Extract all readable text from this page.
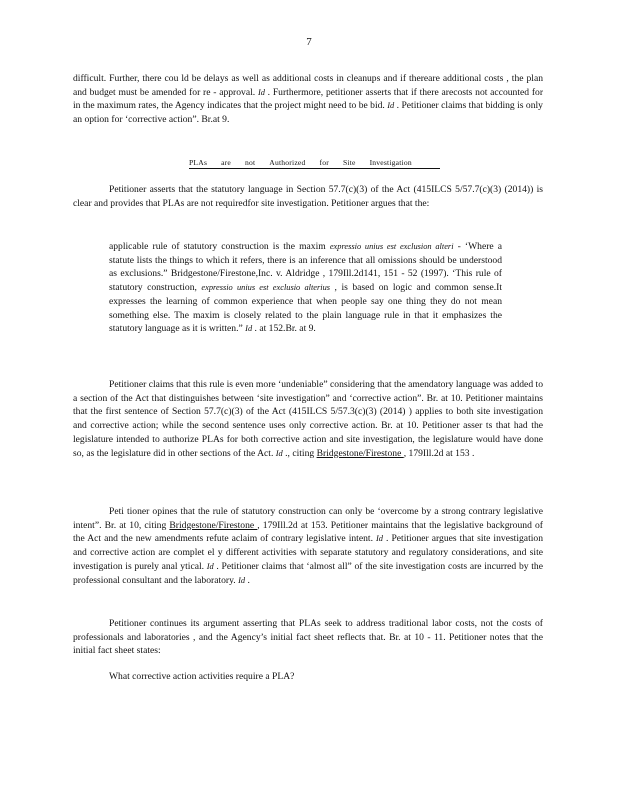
7

difficult. Further, there cou ld be delays as well as additional costs in cleanups and if thereare additional costs , the plan and budget must be amended for re - approval. Id . Furthermore, petitioner asserts that if there arecosts not accounted for in the maximum rates, the Agency indicates that the project might need to be bid. Id . Petitioner claims that bidding is only an option for ‘corrective action”. Br.at 9.

PLAs are not Authorized for Site Investigation

Petitioner asserts that the statutory language in Section 57.7(c)(3) of the Act (415ILCS 5/57.7(c)(3) (2014)) is clear and provides that PLAs are not requiredfor site investigation. Petitioner argues that the:

applicable rule of statutory construction is the maxim expressio unius est exclusion alteri - ‘Where a statute lists the things to which it refers, there is an inference that all omissions should be understood as exclusions.” Bridgestone/Firestone,Inc. v. Aldridge , 179Ill.2d141, 151 - 52 (1997). ‘This rule of statutory construction, expressio unius est exclusio alterius , is based on logic and common sense.It expresses the learning of common experience that when people say one thing they do not mean something else. The maxim is closely related to the plain language rule in that it emphasizes the statutory language as it is written.” Id . at 152.Br. at 9.

Petitioner claims that this rule is even more ‘undeniable” considering that the amendatory language was added to a section of the Act that distinguishes between ‘site investigation” and ‘corrective action”. Br. at 10. Petitioner maintains that the first sentence of Section 57.7(c)(3) of the Act (415ILCS 5/57.3(c)(3) (2014) ) applies to both site investigation and corrective action; while the second sentence uses only corrective action. Br. at 10. Petitioner asser ts that had the legislature intended to authorize PLAs for both corrective action and site investigation, the legislature would have done so, as the legislature did in other sections of the Act. Id ., citing Bridgestone/Firestone , 179Ill.2d at 153 .

Peti tioner opines that the rule of statutory construction can only be ‘overcome by a strong contrary legislative intent”. Br. at 10, citing Bridgestone/Firestone , 179Ill.2d at 153. Petitioner maintains that the legislative background of the Act and the new amendments refute aclaim of contrary legislative intent. Id . Petitioner argues that site investigation and corrective action are complet el y different activities with separate statutory and regulatory considerations, and site investigation is purely anal ytical. Id . Petitioner claims that ‘almost all” of the site investigation costs are incurred by the professional consultant and the laboratory. Id .

Petitioner continues its argument asserting that PLAs seek to address traditional labor costs, not the costs of professionals and laboratories , and the Agency’s initial fact sheet reflects that. Br. at 10 - 11. Petitioner notes that the initial fact sheet states:

What corrective action activities require a PLA?
